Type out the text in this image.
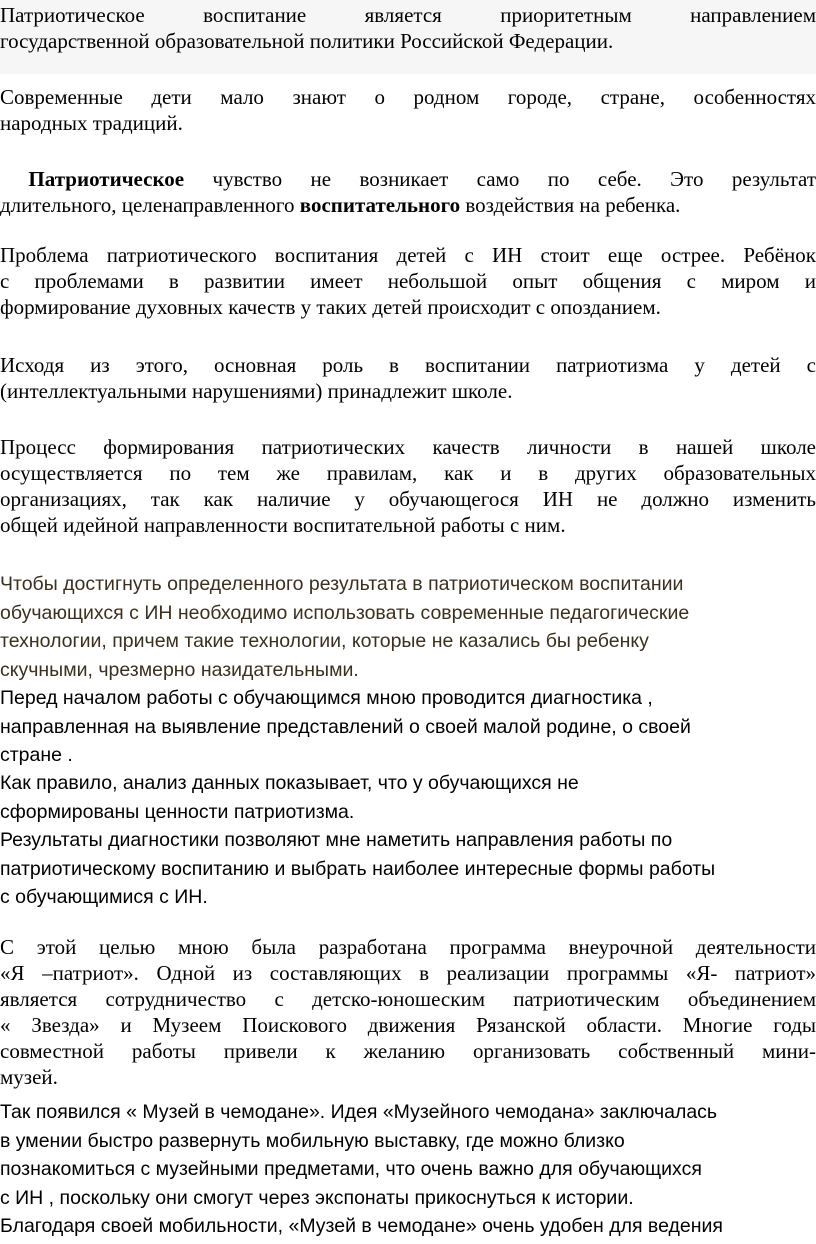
Патриотическое воспитание является приоритетным направлением
государственной образовательной политики Российской Федерации.
Современные дети мало знают о родном городе, стране, особенностях
народных традиций.
Патриотическое чувство не возникает само по себе. Это результат
длительного, целенаправленного воспитательного воздействия на ребенка.
Проблема патриотического воспитания детей с ИН стоит еще острее. Ребёнок
с проблемами в развитии имеет небольшой опыт общения с миром и
формирование духовных качеств у таких детей происходит с опозданием.
Исходя из этого, основная роль в воспитании патриотизма у детей с
(интеллектуальными нарушениями) принадлежит школе.
Процесс формирования патриотических качеств личности в нашей школе
осуществляется по тем же правилам, как и в других образовательных
организациях, так как наличие у обучающегося ИН не должно изменить
общей идейной направленности воспитательной работы с ним.
Чтобы достигнуть определенного результата в патриотическом воспитании
обучающихся с ИН необходимо использовать современные педагогические
технологии, причем такие технологии, которые не казались бы ребенку
скучными, чрезмерно назидательными.
Перед началом работы с обучающимся мною проводится диагностика ,
направленная на выявление представлений о своей малой родине, о своей
стране .
Как правило, анализ данных показывает, что у обучающихся не
сформированы ценности патриотизма.
Результаты диагностики позволяют мне наметить направления работы по
патриотическому воспитанию и выбрать наиболее интересные формы работы
с обучающимися с ИН.
С этой целью мною была разработана программа внеурочной деятельности
«Я –патриот». Одной из составляющих в реализации программы «Я- патриот»
является сотрудничество с детско-юношеским патриотическим объединением
« Звезда» и Музеем Поискового движения Рязанской области. Многие годы
совместной работы привели к желанию организовать собственный мини-
музей.
Так появился « Музей в чемодане». Идея «Музейного чемодана» заключалась
в умении быстро развернуть мобильную выставку, где можно близко
познакомиться с музейными предметами, что очень важно для обучающихся
с ИН , поскольку они смогут через экспонаты прикоснуться к истории.
Благодаря своей мобильности, «Музей в чемодане» очень удобен для ведения
